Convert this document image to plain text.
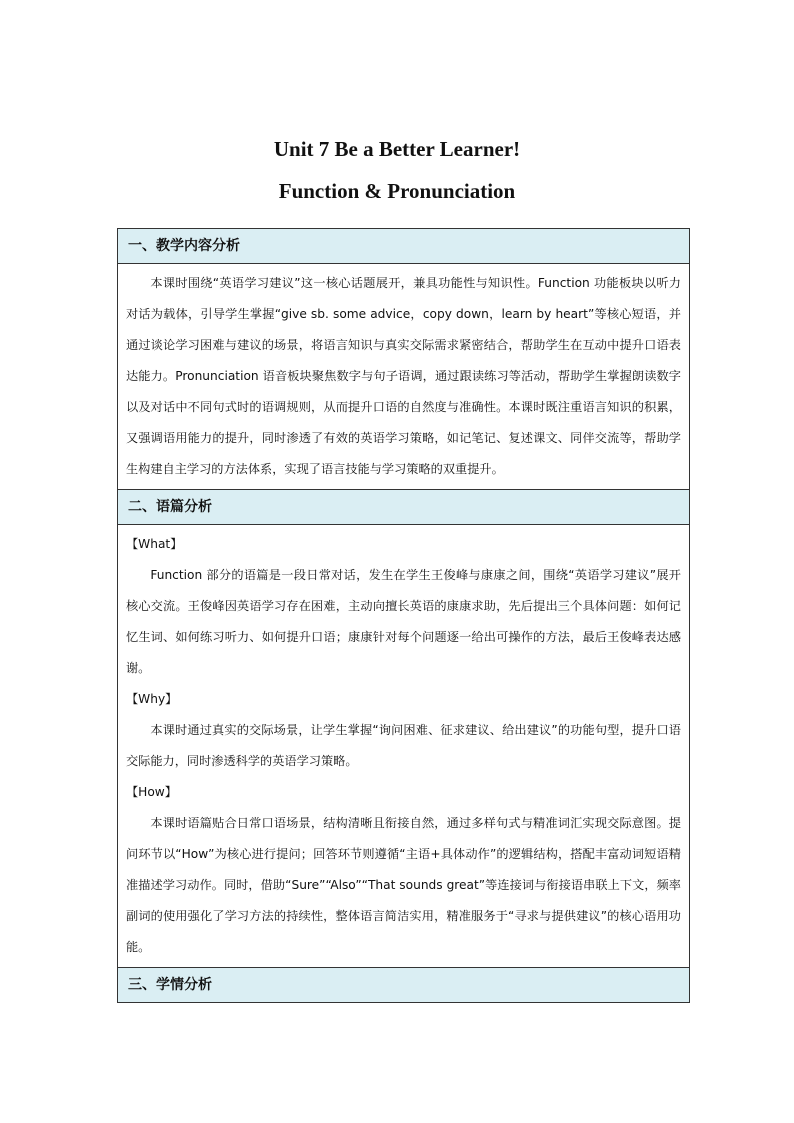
Unit 7 Be a Better Learner!
Function & Pronunciation
一、教学内容分析

本课时围绕“英语学习建议”这一核心话题展开，兼具功能性与知识性。Function 功能板块以听力对话为载体，引导学生掌握“give sb. some advice，copy down，learn by heart”等核心短语，并通过谈论学习困难与建议的场景，将语言知识与真实交际需求紧密结合，帮助学生在互动中提升口语表达能力。Pronunciation 语音板块聚焦数字与句子语调，通过跟读练习等活动，帮助学生掌握朗读数字以及对话中不同句式时的语调规则，从而提升口语的自然度与准确性。本课时既注重语言知识的积累，又强调语用能力的提升，同时渗透了有效的英语学习策略，如记笔记、复述课文、同伴交流等，帮助学生构建自主学习的方法体系，实现了语言技能与学习策略的双重提升。

二、语篇分析

【What】

Function 部分的语篇是一段日常对话，发生在学生王俊峰与康康之间，围绕“英语学习建议”展开核心交流。王俊峰因英语学习存在困难，主动向擅长英语的康康求助，先后提出三个具体问题：如何记忆生词、如何练习听力、如何提升口语；康康针对每个问题逐一给出可操作的方法，最后王俊峰表达感谢。

【Why】

本课时通过真实的交际场景，让学生掌握“询问困难、征求建议、给出建议”的功能句型，提升口语交际能力，同时渗透科学的英语学习策略。

【How】

本课时语篇贴合日常口语场景，结构清晰且衔接自然，通过多样句式与精准词汇实现交际意图。提问环节以“How”为核心进行提问；回答环节则遵循“主语+具体动作”的逻辑结构，搭配丰富动词短语精准描述学习动作。同时，借助“Sure”“Also”“That sounds great”等连接词与衔接语串联上下文，频率副词的使用强化了学习方法的持续性，整体语言简洁实用，精准服务于“寻求与提供建议”的核心语用功能。

三、学情分析
